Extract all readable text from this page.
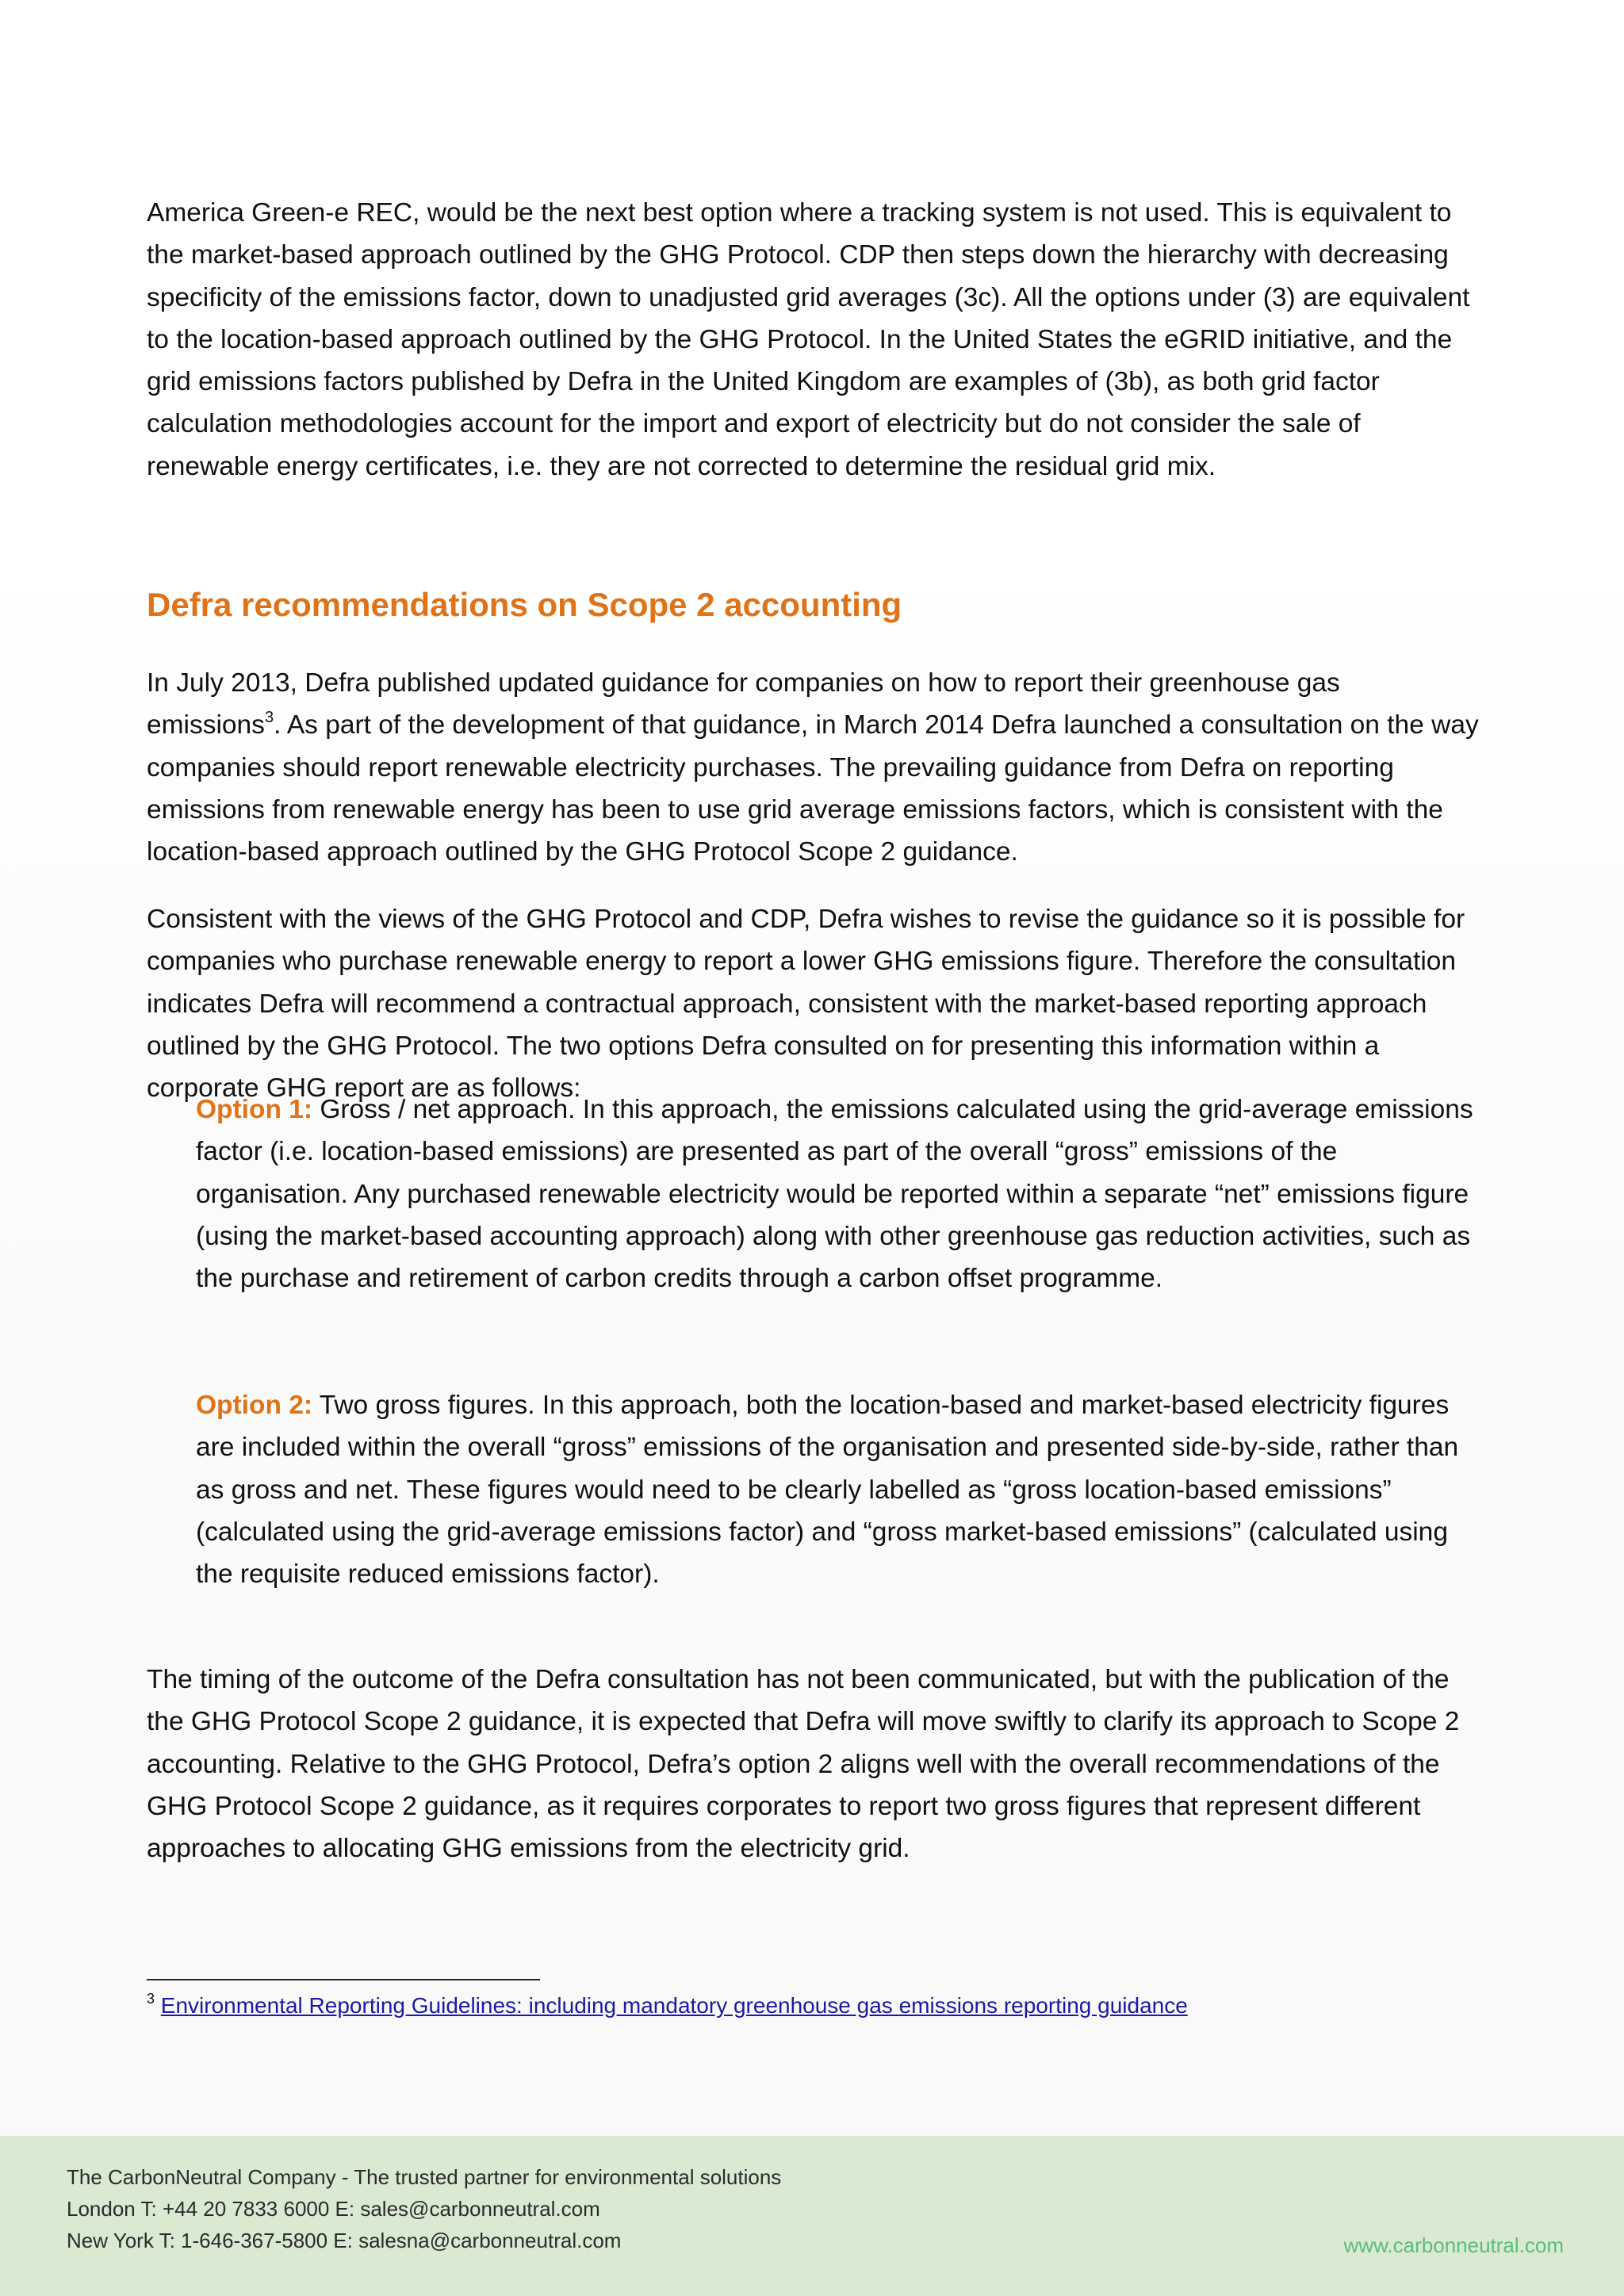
America Green-e REC, would be the next best option where a tracking system is not used. This is equivalent to the market-based approach outlined by the GHG Protocol. CDP then steps down the hierarchy with decreasing specificity of the emissions factor, down to unadjusted grid averages (3c). All the options under (3) are equivalent to the location-based approach outlined by the GHG Protocol. In the United States the eGRID initiative, and the grid emissions factors published by Defra in the United Kingdom are examples of (3b), as both grid factor calculation methodologies account for the import and export of electricity but do not consider the sale of renewable energy certificates, i.e. they are not corrected to determine the residual grid mix.

Defra recommendations on Scope 2 accounting
In July 2013, Defra published updated guidance for companies on how to report their greenhouse gas emissions$^3$. As part of the development of that guidance, in March 2014 Defra launched a consultation on the way companies should report renewable electricity purchases. The prevailing guidance from Defra on reporting emissions from renewable energy has been to use grid average emissions factors, which is consistent with the location-based approach outlined by the GHG Protocol Scope 2 guidance.

Consistent with the views of the GHG Protocol and CDP, Defra wishes to revise the guidance so it is possible for companies who purchase renewable energy to report a lower GHG emissions figure. Therefore the consultation indicates Defra will recommend a contractual approach, consistent with the market-based reporting approach outlined by the GHG Protocol. The two options Defra consulted on for presenting this information within a corporate GHG report are as follows:

Option 1: Gross / net approach. In this approach, the emissions calculated using the grid-average emissions factor (i.e. location-based emissions) are presented as part of the overall “gross” emissions of the organisation. Any purchased renewable electricity would be reported within a separate “net” emissions figure (using the market-based accounting approach) along with other greenhouse gas reduction activities, such as the purchase and retirement of carbon credits through a carbon offset programme.
Option 2: Two gross figures. In this approach, both the location-based and market-based electricity figures are included within the overall “gross” emissions of the organisation and presented side-by-side, rather than as gross and net. These figures would need to be clearly labelled as “gross location-based emissions” (calculated using the grid-average emissions factor) and “gross market-based emissions” (calculated using the requisite reduced emissions factor).

The timing of the outcome of the Defra consultation has not been communicated, but with the publication of the the GHG Protocol Scope 2 guidance, it is expected that Defra will move swiftly to clarify its approach to Scope 2 accounting. Relative to the GHG Protocol, Defra’s option 2 aligns well with the overall recommendations of the GHG Protocol Scope 2 guidance, as it requires corporates to report two gross figures that represent different approaches to allocating GHG emissions from the electricity grid.

$^3$ Environmental Reporting Guidelines: including mandatory greenhouse gas emissions reporting guidance
The CarbonNeutral Company - The trusted partner for environmental solutions
London T: +44 20 7833 6000 E: sales@carbonneutral.com
New York T: 1-646-367-5800 E: salesna@carbonneutral.com	www.carbonneutral.com
